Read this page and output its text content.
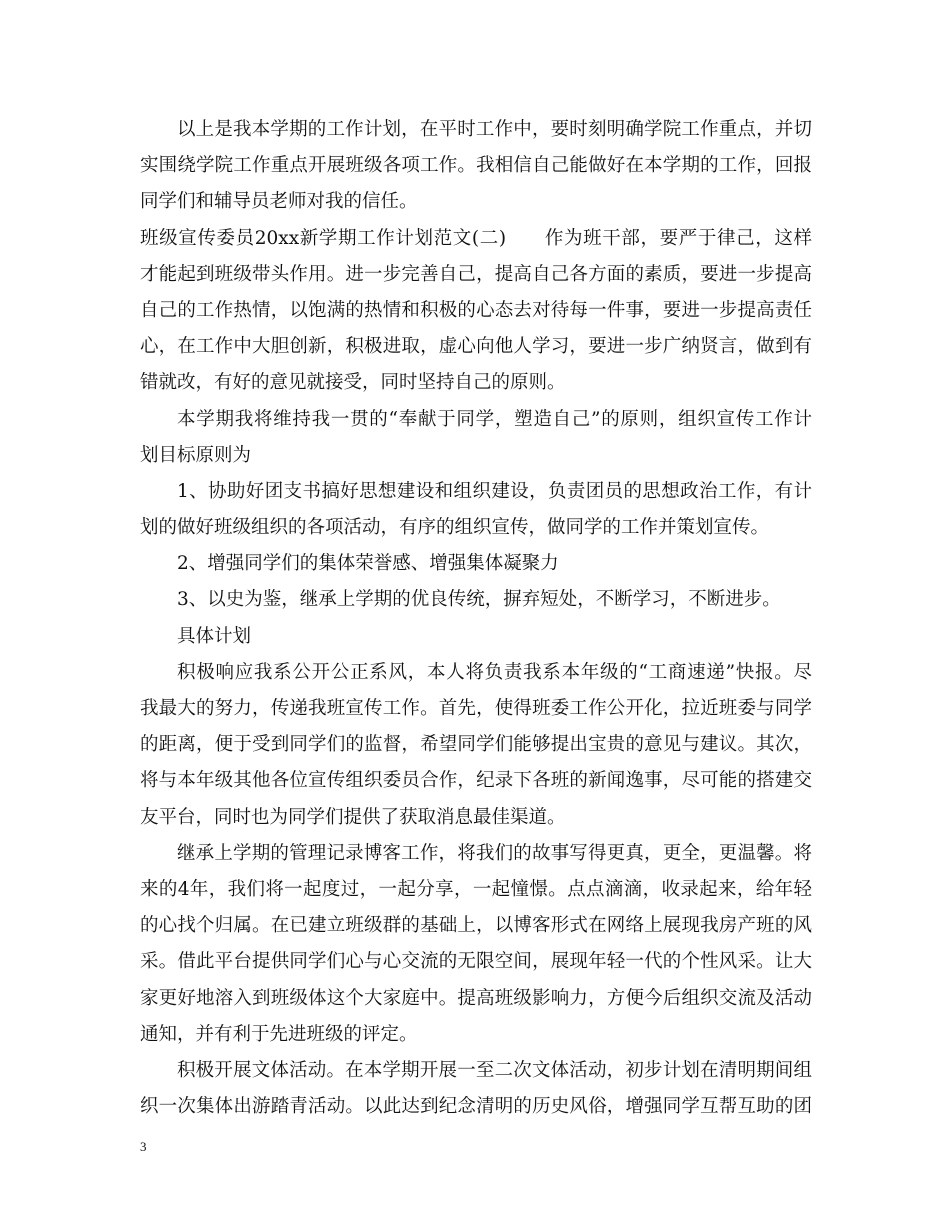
以上是我本学期的工作计划，在平时工作中，要时刻明确学院工作重点，并切
实围绕学院工作重点开展班级各项工作。我相信自己能做好在本学期的工作，回报
同学们和辅导员老师对我的信任。
班级宣传委员20xx新学期工作计划范文(二)　　作为班干部，要严于律己，这样
才能起到班级带头作用。进一步完善自己，提高自己各方面的素质，要进一步提高
自己的工作热情，以饱满的热情和积极的心态去对待每一件事，要进一步提高责任
心，在工作中大胆创新，积极进取，虚心向他人学习，要进一步广纳贤言，做到有
错就改，有好的意见就接受，同时坚持自己的原则。
本学期我将维持我一贯的“奉献于同学，塑造自己”的原则，组织宣传工作计
划目标原则为
1、协助好团支书搞好思想建设和组织建设，负责团员的思想政治工作，有计
划的做好班级组织的各项活动，有序的组织宣传，做同学的工作并策划宣传。
2、增强同学们的集体荣誉感、增强集体凝聚力
3、以史为鉴，继承上学期的优良传统，摒弃短处，不断学习，不断进步。
具体计划
积极响应我系公开公正系风，本人将负责我系本年级的“工商速递”快报。尽
我最大的努力，传递我班宣传工作。首先，使得班委工作公开化，拉近班委与同学
的距离，便于受到同学们的监督，希望同学们能够提出宝贵的意见与建议。其次，
将与本年级其他各位宣传组织委员合作，纪录下各班的新闻逸事，尽可能的搭建交
友平台，同时也为同学们提供了获取消息最佳渠道。
继承上学期的管理记录博客工作，将我们的故事写得更真，更全，更温馨。将
来的4年，我们将一起度过，一起分享，一起憧憬。点点滴滴，收录起来，给年轻
的心找个归属。在已建立班级群的基础上，以博客形式在网络上展现我房产班的风
采。借此平台提供同学们心与心交流的无限空间，展现年轻一代的个性风采。让大
家更好地溶入到班级体这个大家庭中。提高班级影响力，方便今后组织交流及活动
通知，并有利于先进班级的评定。
积极开展文体活动。在本学期开展一至二次文体活动，初步计划在清明期间组
织一次集体出游踏青活动。以此达到纪念清明的历史风俗，增强同学互帮互助的团
3
